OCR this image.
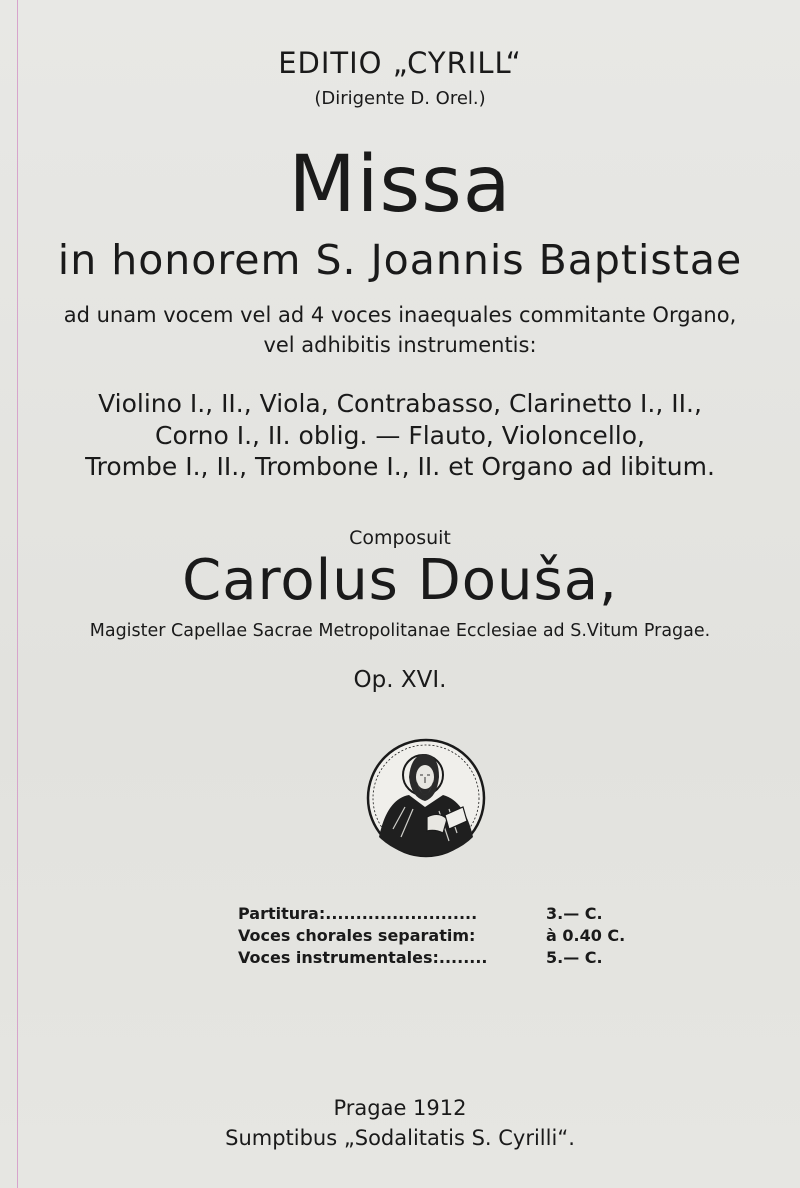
EDITIO „CYRILL“
(Dirigente D. Orel.)
Missa
in honorem S. Joannis Baptistae
ad unam vocem vel ad 4 voces inaequales commitante Organo,
vel adhibitis instrumentis:
Violino I., II., Viola, Contrabasso, Clarinetto I., II.,
Corno I., II. oblig. — Flauto, Violoncello,
Trombe I., II., Trombone I., II. et Organo ad libitum.
Composuit
Carolus Douša,
Magister Capellae Sacrae Metropolitanae Ecclesiae ad S.Vitum Pragae.
Op. XVI.
Partitura:.........................	3.— C.
Voces chorales separatim:	à 0.40 C.
Voces instrumentales:........	5.— C.
Pragae 1912
Sumptibus „Sodalitatis S. Cyrilli“.
